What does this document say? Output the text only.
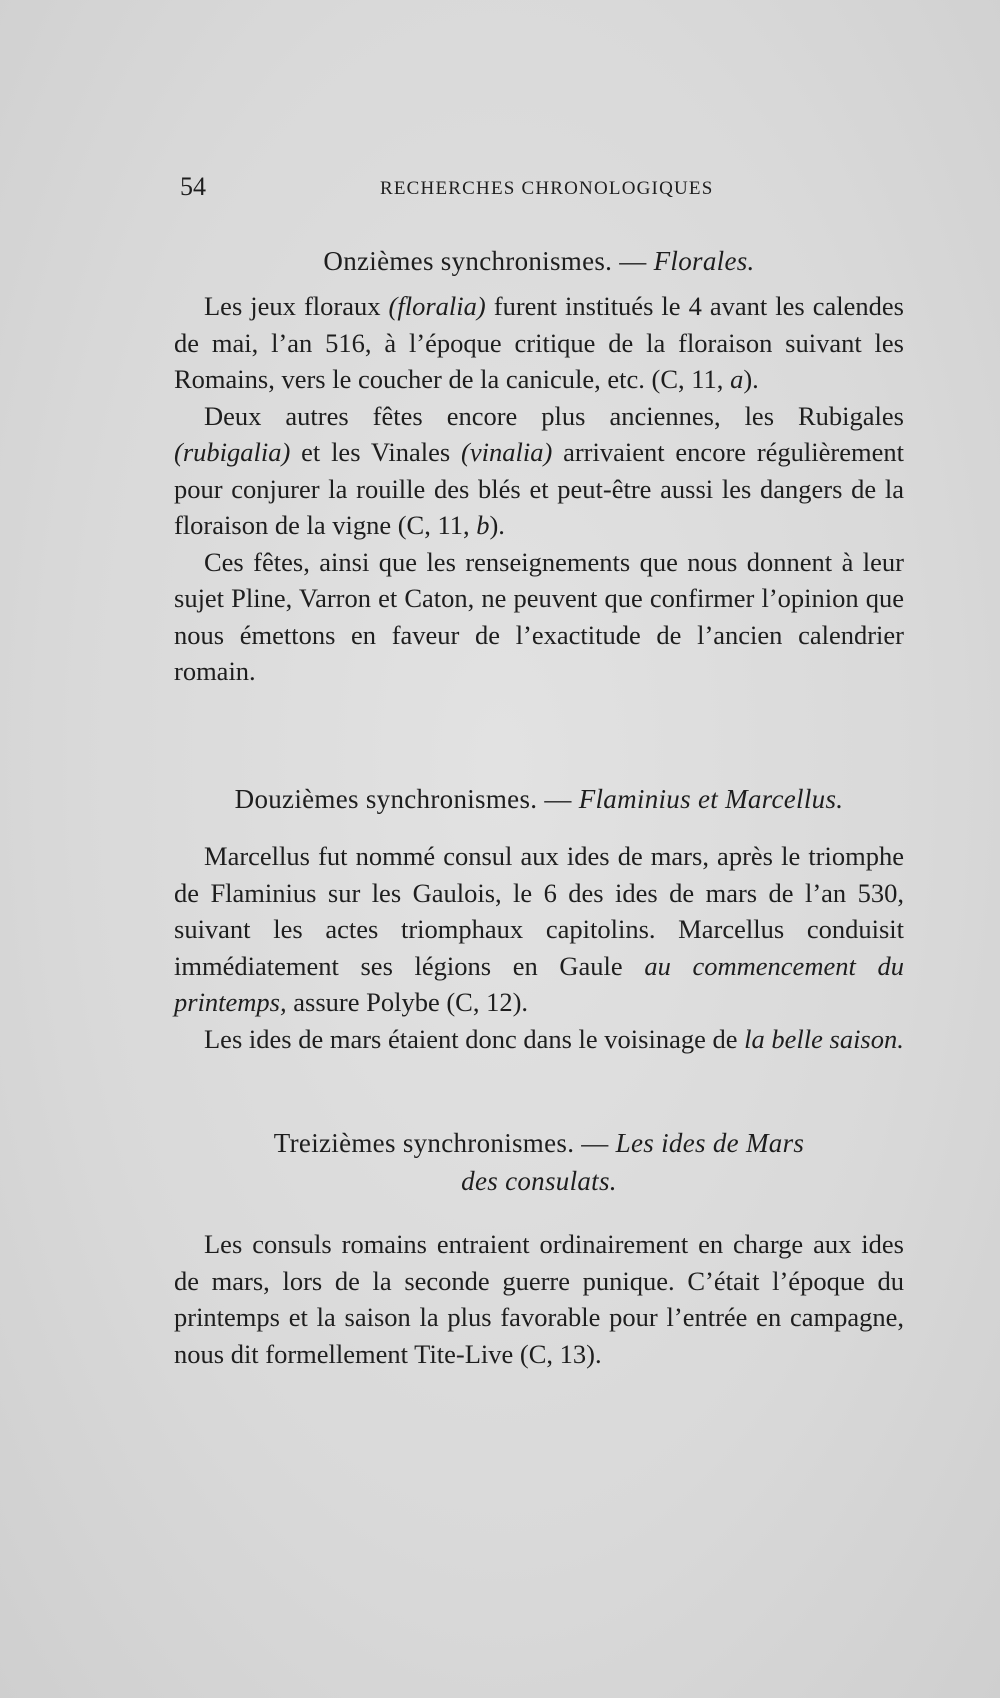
54	RECHERCHES CHRONOLOGIQUES
Onzièmes synchronismes. — Florales.

Les jeux floraux (floralia) furent institués le 4 avant les calendes de mai, l’an 516, à l’époque critique de la floraison suivant les Romains, vers le coucher de la canicule, etc. (C, 11, a).

Deux autres fêtes encore plus anciennes, les Rubigales (rubigalia) et les Vinales (vinalia) arrivaient encore régulièrement pour conjurer la rouille des blés et peut-être aussi les dangers de la floraison de la vigne (C, 11, b).

Ces fêtes, ainsi que les renseignements que nous donnent à leur sujet Pline, Varron et Caton, ne peuvent que confirmer l’opinion que nous émettons en faveur de l’exactitude de l’ancien calendrier romain.

Douzièmes synchronismes. — Flaminius et Marcellus.

Marcellus fut nommé consul aux ides de mars, après le triomphe de Flaminius sur les Gaulois, le 6 des ides de mars de l’an 530, suivant les actes triomphaux capitolins. Marcellus conduisit immédiatement ses légions en Gaule au commencement du printemps, assure Polybe (C, 12).

Les ides de mars étaient donc dans le voisinage de la belle saison.

Treizièmes synchronismes. — Les ides de Mars
des consulats.

Les consuls romains entraient ordinairement en charge aux ides de mars, lors de la seconde guerre punique. C’était l’époque du printemps et la saison la plus favorable pour l’entrée en campagne, nous dit formellement Tite-Live (C, 13).
